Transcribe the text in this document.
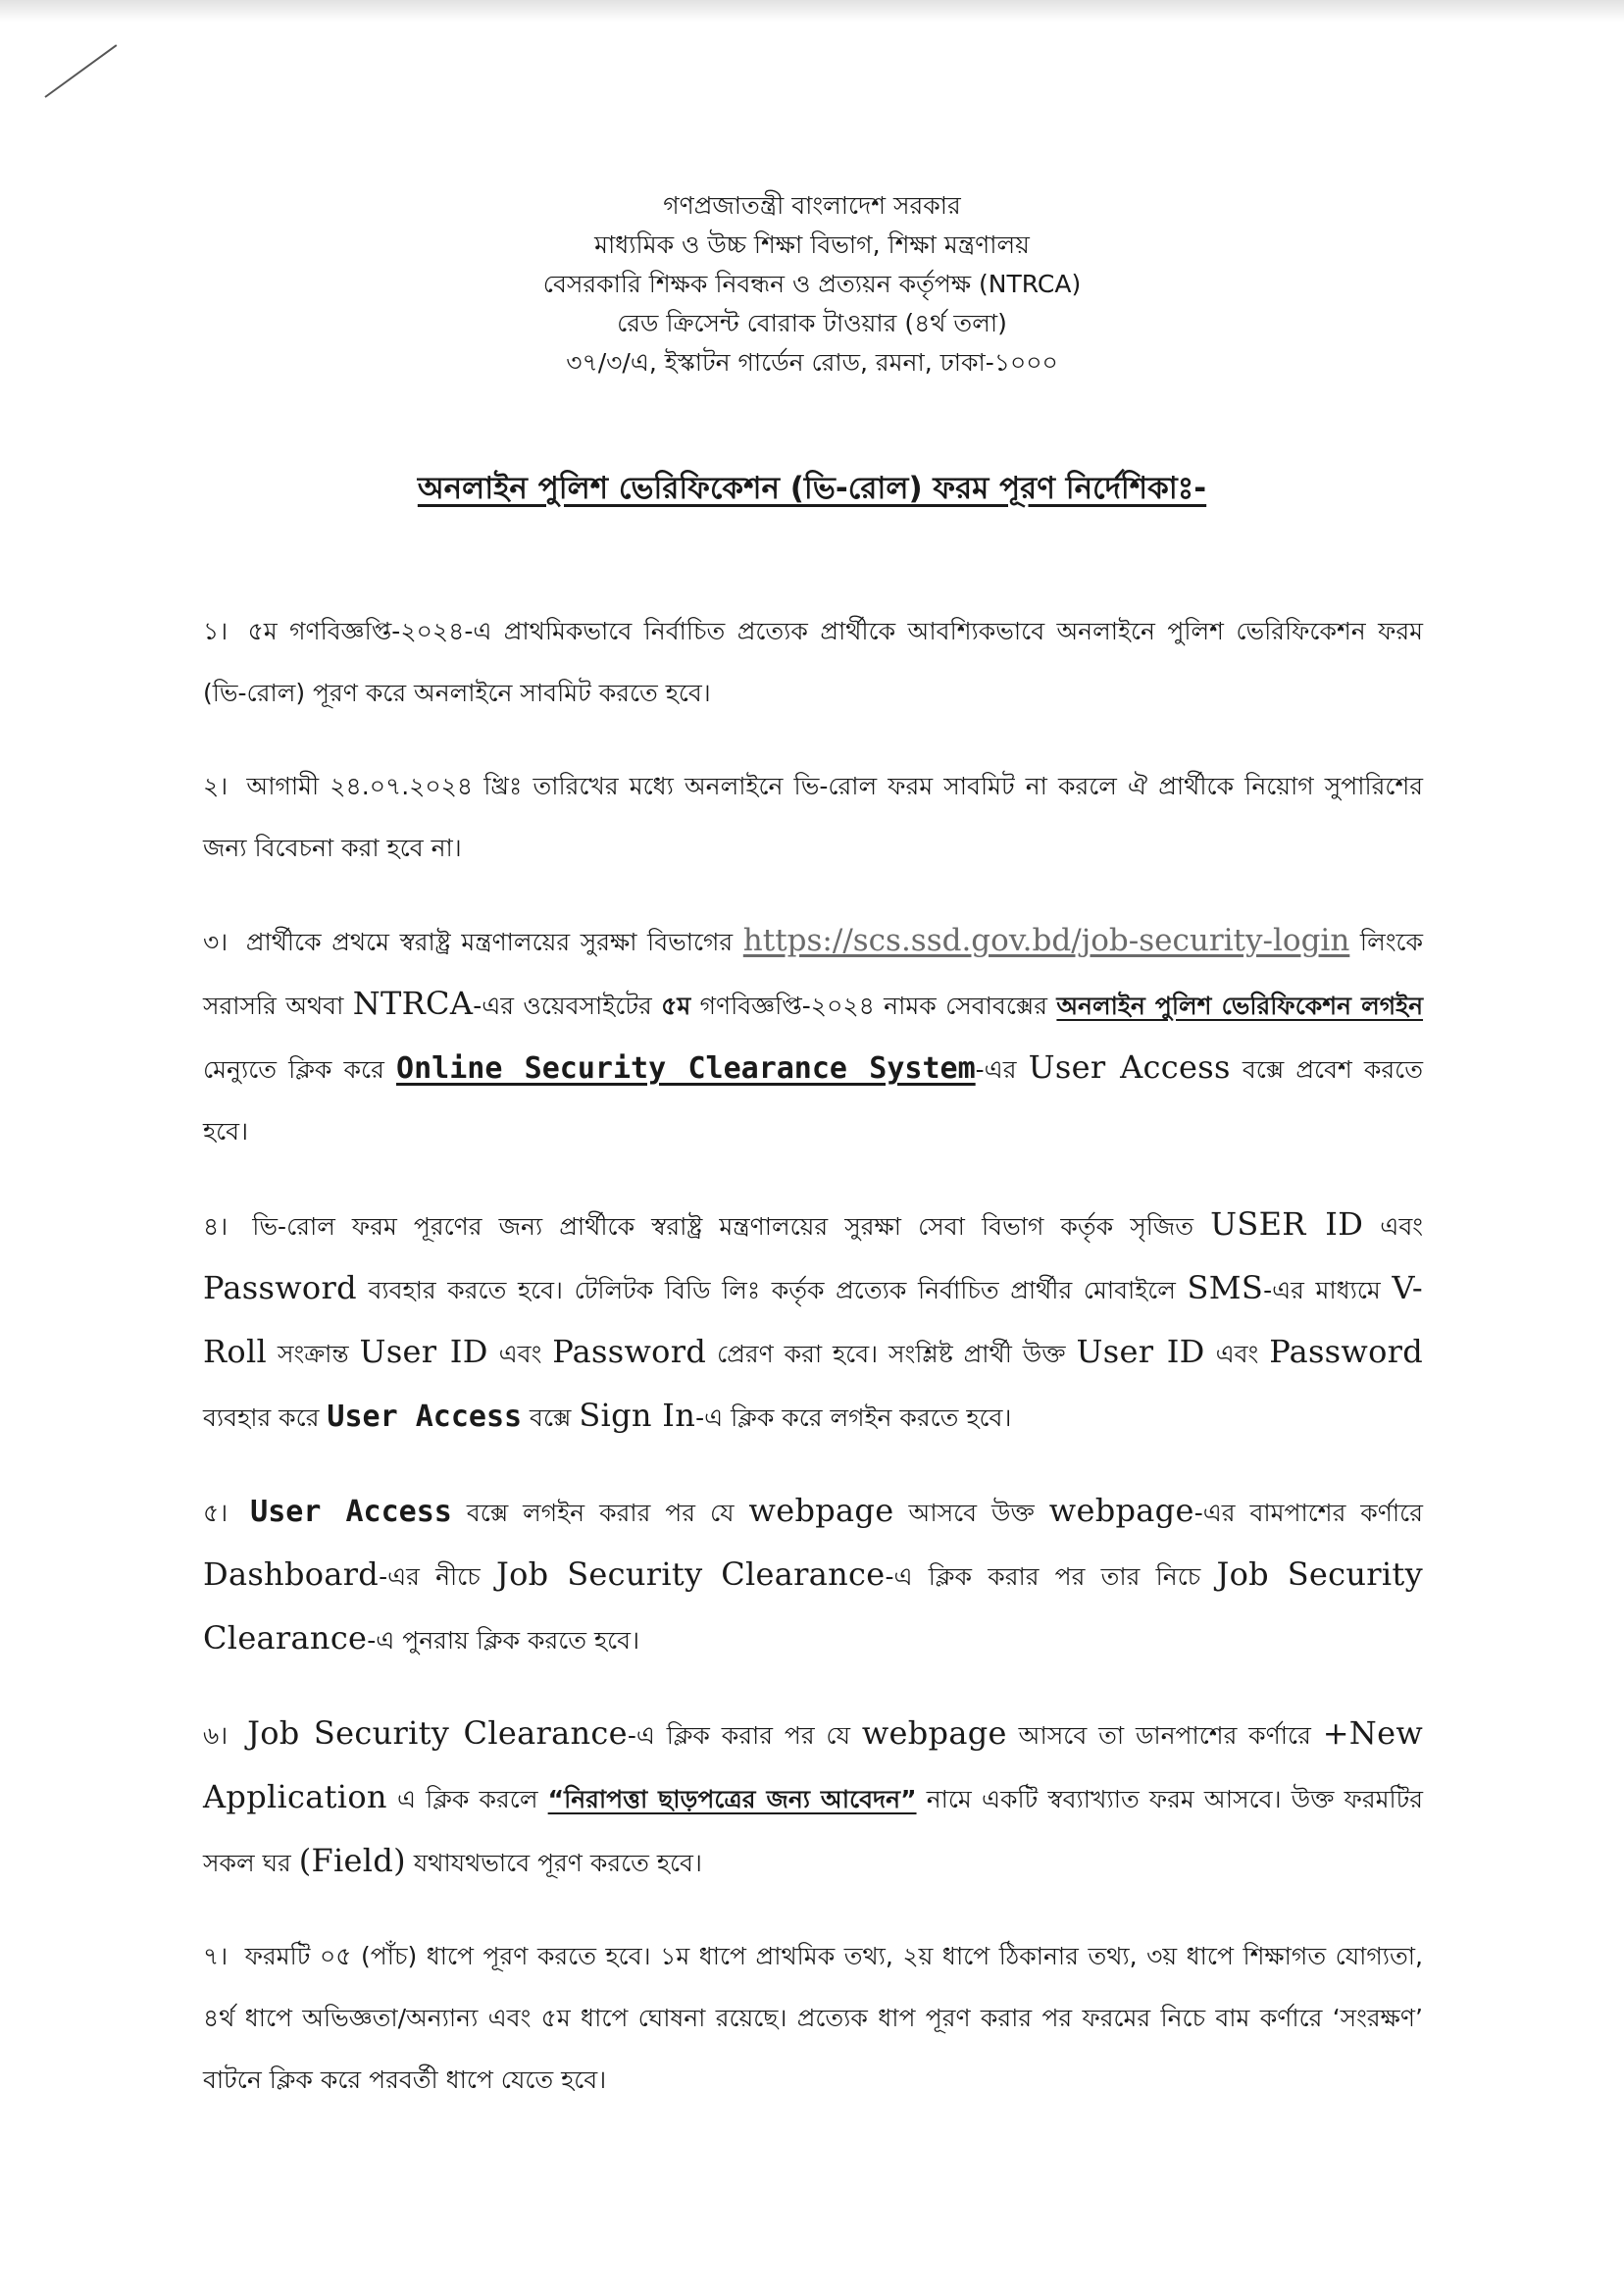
গণপ্রজাতন্ত্রী বাংলাদেশ সরকার
মাধ্যমিক ও উচ্চ শিক্ষা বিভাগ, শিক্ষা মন্ত্রণালয়
বেসরকারি শিক্ষক নিবন্ধন ও প্রত্যয়ন কর্তৃপক্ষ (NTRCA)
রেড ক্রিসেন্ট বোরাক টাওয়ার (৪র্থ তলা)
৩৭/৩/এ, ইস্কাটন গার্ডেন রোড, রমনা, ঢাকা-১০০০
অনলাইন পুলিশ ভেরিফিকেশন (ভি-রোল) ফরম পূরণ নির্দেশিকাঃ-

১। ৫ম গণবিজ্ঞপ্তি-২০২৪-এ প্রাথমিকভাবে নির্বাচিত প্রত্যেক প্রার্থীকে আবশ্যিকভাবে অনলাইনে পুলিশ ভেরিফিকেশন ফরম (ভি-রোল) পূরণ করে অনলাইনে সাবমিট করতে হবে।

২। আগামী ২৪.০৭.২০২৪ খ্রিঃ তারিখের মধ্যে অনলাইনে ভি-রোল ফরম সাবমিট না করলে ঐ প্রার্থীকে নিয়োগ সুপারিশের জন্য বিবেচনা করা হবে না।

৩। প্রার্থীকে প্রথমে স্বরাষ্ট্র মন্ত্রণালয়ের সুরক্ষা বিভাগের https://scs.ssd.gov.bd/job-security-login লিংকে সরাসরি অথবা NTRCA-এর ওয়েবসাইটের ৫ম গণবিজ্ঞপ্তি-২০২৪ নামক সেবাবক্সের অনলাইন পুলিশ ভেরিফিকেশন লগইন মেন্যুতে ক্লিক করে Online Security Clearance System-এর User Access বক্সে প্রবেশ করতে হবে।

৪। ভি-রোল ফরম পূরণের জন্য প্রার্থীকে স্বরাষ্ট্র মন্ত্রণালয়ের সুরক্ষা সেবা বিভাগ কর্তৃক সৃজিত USER ID এবং Password ব্যবহার করতে হবে। টেলিটক বিডি লিঃ কর্তৃক প্রত্যেক নির্বাচিত প্রার্থীর মোবাইলে SMS-এর মাধ্যমে V-Roll সংক্রান্ত User ID এবং Password প্রেরণ করা হবে। সংশ্লিষ্ট প্রার্থী উক্ত User ID এবং Password ব্যবহার করে User Access বক্সে Sign In-এ ক্লিক করে লগইন করতে হবে।

৫। User Access বক্সে লগইন করার পর যে webpage আসবে উক্ত webpage-এর বামপাশের কর্ণারে Dashboard-এর নীচে Job Security Clearance-এ ক্লিক করার পর তার নিচে Job Security Clearance-এ পুনরায় ক্লিক করতে হবে।

৬। Job Security Clearance-এ ক্লিক করার পর যে webpage আসবে তা ডানপাশের কর্ণারে +New Application এ ক্লিক করলে “নিরাপত্তা ছাড়পত্রের জন্য আবেদন” নামে একটি স্বব্যাখ্যাত ফরম আসবে। উক্ত ফরমটির সকল ঘর (Field) যথাযথভাবে পূরণ করতে হবে।

৭। ফরমটি ০৫ (পাঁচ) ধাপে পূরণ করতে হবে। ১ম ধাপে প্রাথমিক তথ্য, ২য় ধাপে ঠিকানার তথ্য, ৩য় ধাপে শিক্ষাগত যোগ্যতা, ৪র্থ ধাপে অভিজ্ঞতা/অন্যান্য এবং ৫ম ধাপে ঘোষনা রয়েছে। প্রত্যেক ধাপ পূরণ করার পর ফরমের নিচে বাম কর্ণারে ‘সংরক্ষণ’ বাটনে ক্লিক করে পরবর্তী ধাপে যেতে হবে।
